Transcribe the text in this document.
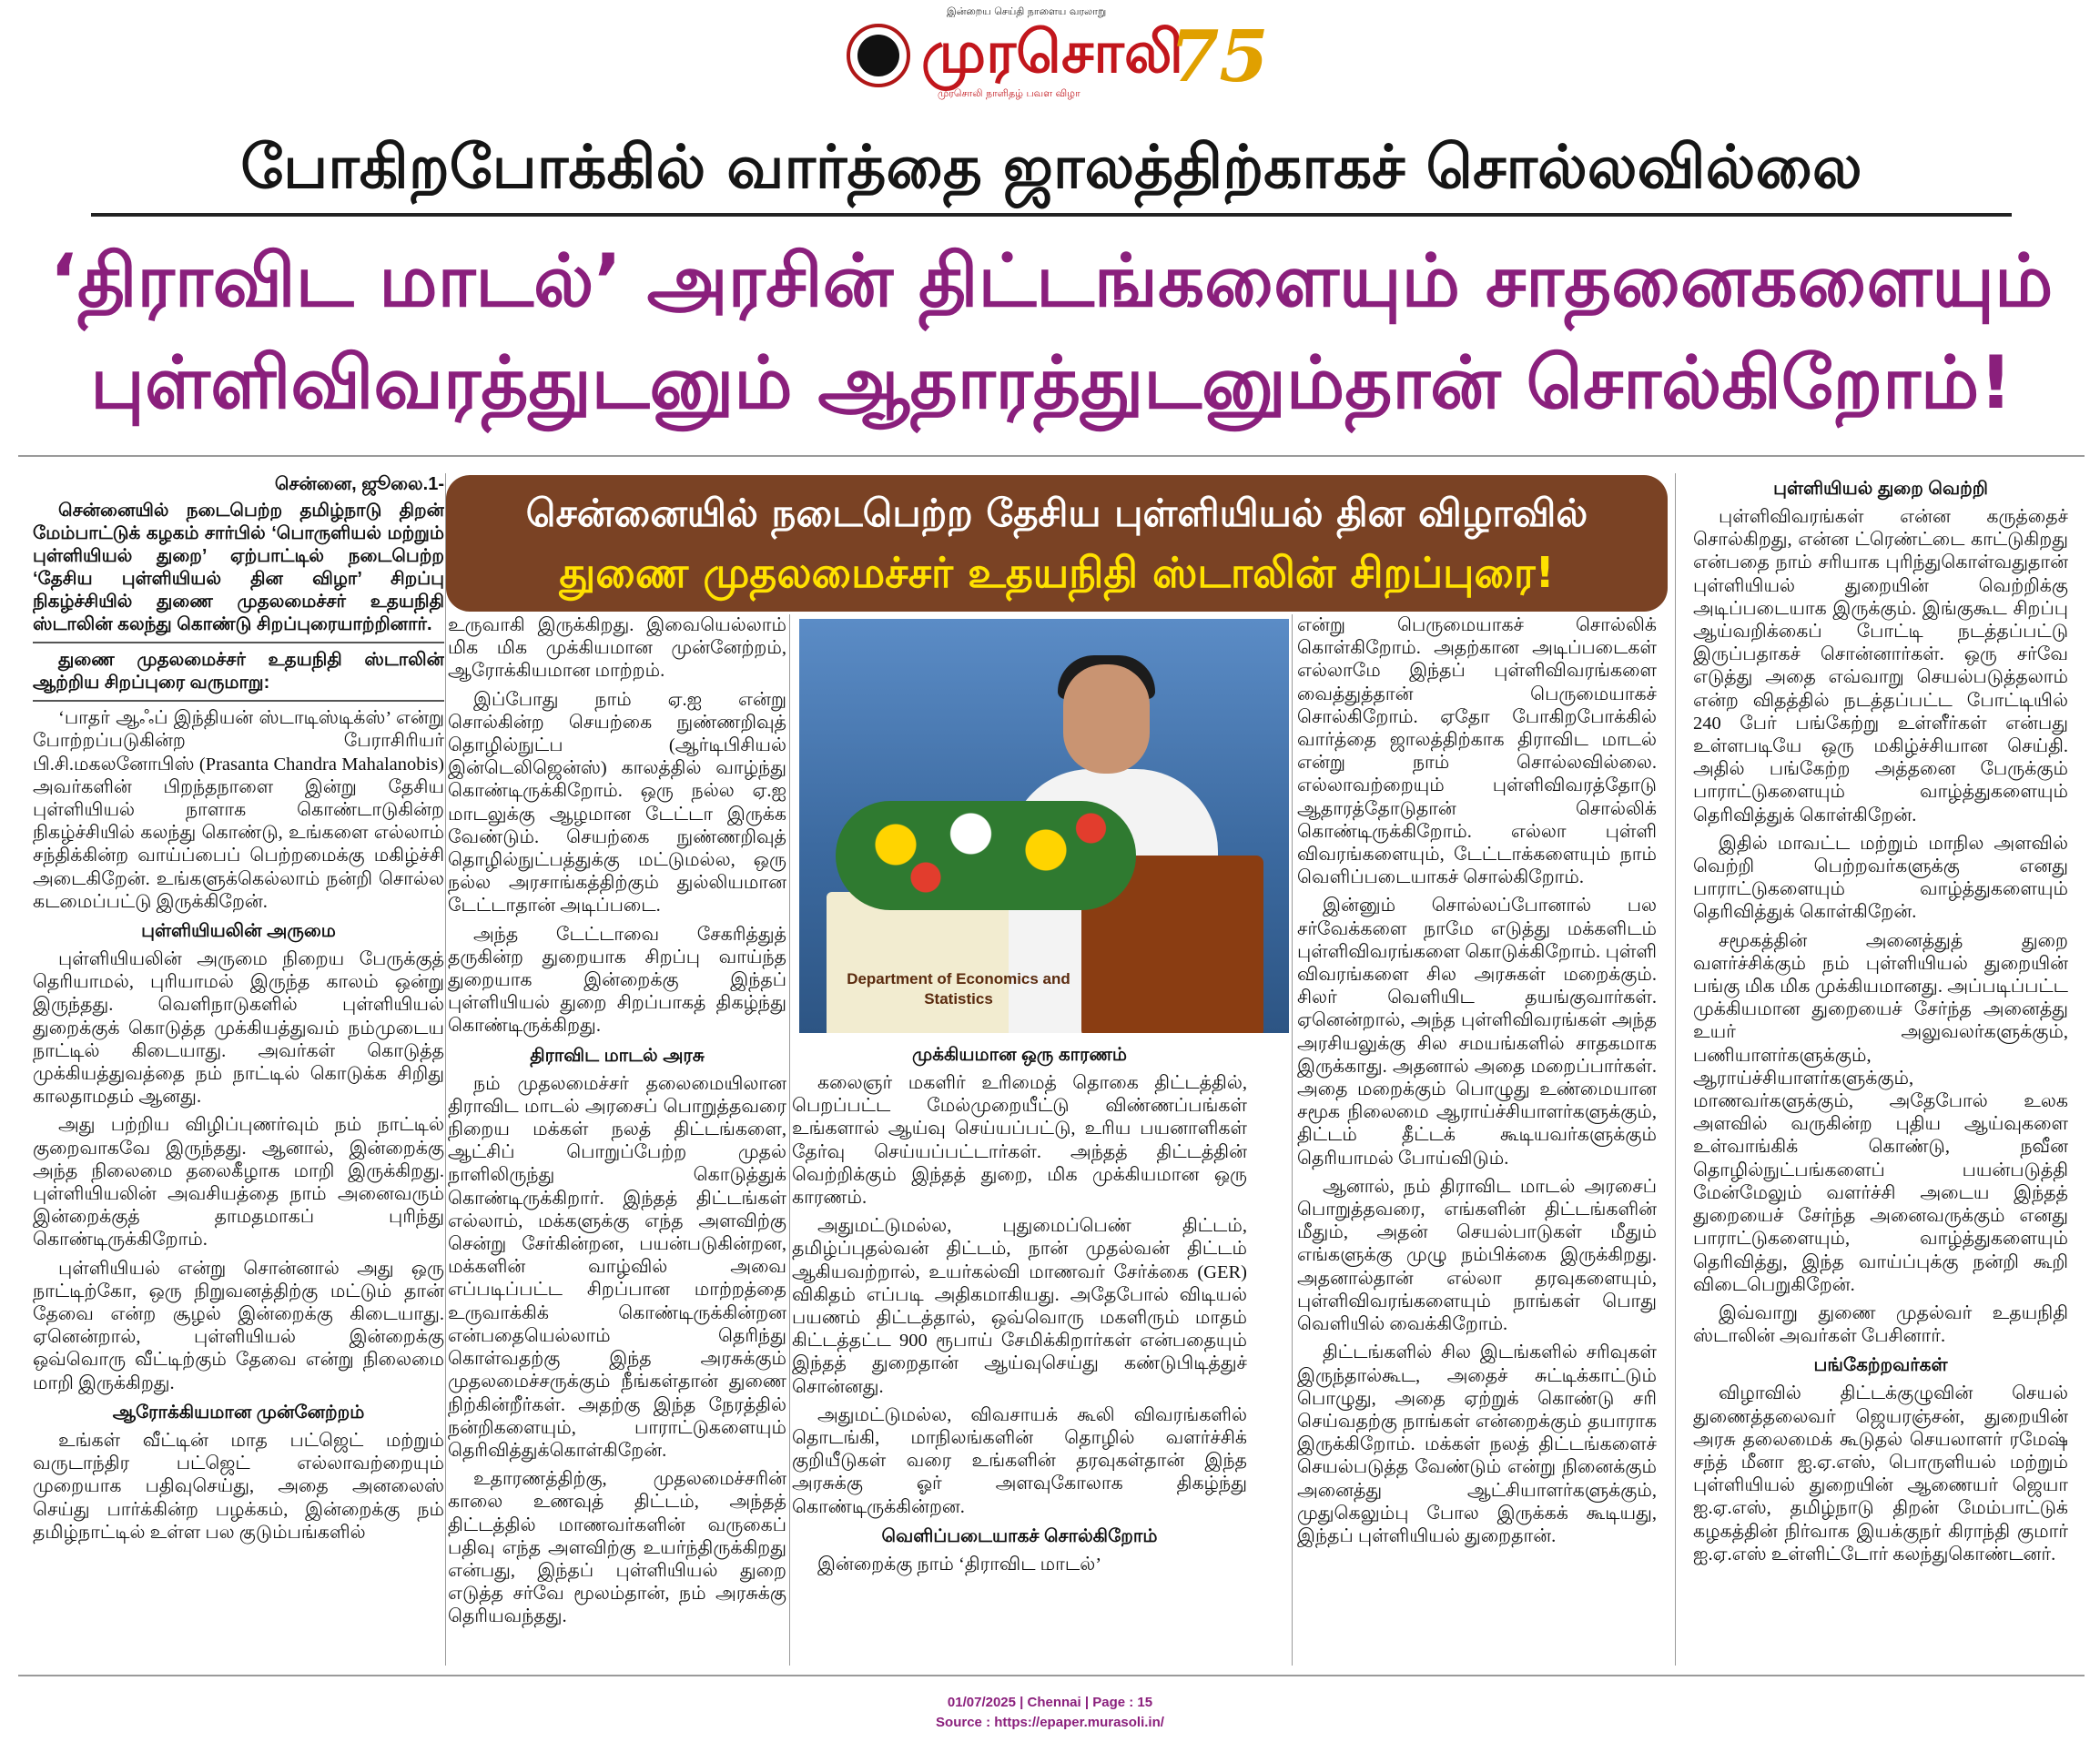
இன்றைய செய்தி நாளைய வரலாறு
முரசொலி
முரசொலி நாளிதழ் பவள விழா 75
போகிறபோக்கில் வார்த்தை ஜாலத்திற்காகச் சொல்லவில்லை
‘திராவிட மாடல்’ அரசின் திட்டங்களையும் சாதனைகளையும்
புள்ளிவிவரத்துடனும் ஆதாரத்துடனும்தான் சொல்கிறோம்!
சென்னையில் நடைபெற்ற தேசிய புள்ளியியல் தின விழாவில்
துணை முதலமைச்சர் உதயநிதி ஸ்டாலின் சிறப்புரை!
சென்னை, ஜூலை.1-

சென்னையில் நடைபெற்ற தமிழ்நாடு திறன் மேம்பாட்டுக் கழகம் சார்பில் ‘பொருளியல் மற்றும் புள்ளியியல் துறை’ ஏற்பாட்டில் நடைபெற்ற ‘தேசிய புள்ளியியல் தின விழா’ சிறப்பு நிகழ்ச்சியில் துணை முதலமைச்சர் உதயநிதி ஸ்டாலின் கலந்து கொண்டு சிறப்புரையாற்றினார்.

துணை முதலமைச்சர் உதயநிதி ஸ்டாலின் ஆற்றிய சிறப்புரை வருமாறு:

‘பாதர் ஆஃப் இந்தியன் ஸ்டாடிஸ்டிக்ஸ்’ என்று போற்றப்படுகின்ற பேராசிரியர் பி.சி.மகலனோபிஸ் (Prasanta Chandra Mahalanobis) அவர்களின் பிறந்தநாளை இன்று தேசிய புள்ளியியல் நாளாக கொண்டாடுகின்ற நிகழ்ச்சியில் கலந்து கொண்டு, உங்களை எல்லாம் சந்திக்கின்ற வாய்ப்பைப் பெற்றமைக்கு மகிழ்ச்சி அடைகிறேன். உங்களுக்கெல்லாம் நன்றி சொல்ல கடமைப்பட்டு இருக்கிறேன்.

புள்ளியியலின் அருமை

புள்ளியியலின் அருமை நிறைய பேருக்குத் தெரியாமல், புரியாமல் இருந்த காலம் ஒன்று இருந்தது. வெளிநாடுகளில் புள்ளியியல் துறைக்குக் கொடுத்த முக்கியத்துவம் நம்முடைய நாட்டில் கிடையாது. அவர்கள் கொடுத்த முக்கியத்துவத்தை நம் நாட்டில் கொடுக்க சிறிது காலதாமதம் ஆனது.

அது பற்றிய விழிப்புணர்வும் நம் நாட்டில் குறைவாகவே இருந்தது. ஆனால், இன்றைக்கு அந்த நிலைமை தலைகீழாக மாறி இருக்கிறது. புள்ளியியலின் அவசியத்தை நாம் அனைவரும் இன்றைக்குத் தாமதமாகப் புரிந்து கொண்டிருக்கிறோம்.

புள்ளியியல் என்று சொன்னால் அது ஒரு நாட்டிற்கோ, ஒரு நிறுவனத்திற்கு மட்டும் தான் தேவை என்ற சூழல் இன்றைக்கு கிடையாது. ஏனென்றால், புள்ளியியல் இன்றைக்கு ஒவ்வொரு வீட்டிற்கும் தேவை என்று நிலைமை மாறி இருக்கிறது.

ஆரோக்கியமான முன்னேற்றம்

உங்கள் வீட்டின் மாத பட்ஜெட் மற்றும் வருடாந்திர பட்ஜெட் எல்லாவற்றையும் முறையாக பதிவுசெய்து, அதை அனலைஸ் செய்து பார்க்கின்ற பழக்கம், இன்றைக்கு நம் தமிழ்நாட்டில் உள்ள பல குடும்பங்களில்

உருவாகி இருக்கிறது. இவையெல்லாம் மிக மிக முக்கியமான முன்னேற்றம், ஆரோக்கியமான மாற்றம்.

இப்போது நாம் ஏ.ஐ என்று சொல்கின்ற செயற்கை நுண்ணறிவுத் தொழில்நுட்ப (ஆர்டிபிசியல் இன்டெலிஜென்ஸ்) காலத்தில் வாழ்ந்து கொண்டிருக்கிறோம். ஒரு நல்ல ஏ.ஐ மாடலுக்கு ஆழமான டேட்டா இருக்க வேண்டும். செயற்கை நுண்ணறிவுத் தொழில்நுட்பத்துக்கு மட்டுமல்ல, ஒரு நல்ல அரசாங்கத்திற்கும் துல்லியமான டேட்டாதான் அடிப்படை.

அந்த டேட்டாவை சேகரித்துத் தருகின்ற துறையாக சிறப்பு வாய்ந்த துறையாக இன்றைக்கு இந்தப் புள்ளியியல் துறை சிறப்பாகத் திகழ்ந்து கொண்டிருக்கிறது.

திராவிட மாடல் அரசு

நம் முதலமைச்சர் தலைமையிலான திராவிட மாடல் அரசைப் பொறுத்தவரை நிறைய மக்கள் நலத் திட்டங்களை, ஆட்சிப் பொறுப்பேற்ற முதல் நாளிலிருந்து கொடுத்துக் கொண்டிருக்கிறார். இந்தத் திட்டங்கள் எல்லாம், மக்களுக்கு எந்த அளவிற்கு சென்று சேர்கின்றன, பயன்படுகின்றன, மக்களின் வாழ்வில் அவை எப்படிப்பட்ட சிறப்பான மாற்றத்தை உருவாக்கிக் கொண்டிருக்கின்றன என்பதையெல்லாம் தெரிந்து கொள்வதற்கு இந்த அரசுக்கும் முதலமைச்சருக்கும் நீங்கள்தான் துணை நிற்கின்றீர்கள். அதற்கு இந்த நேரத்தில் நன்றிகளையும், பாராட்டுகளையும் தெரிவித்துக்கொள்கிறேன்.

உதாரணத்திற்கு, முதலமைச்சரின் காலை உணவுத் திட்டம், அந்தத் திட்டத்தில் மாணவர்களின் வருகைப் பதிவு எந்த அளவிற்கு உயர்ந்திருக்கிறது என்பது, இந்தப் புள்ளியியல் துறை எடுத்த சர்வே மூலம்தான், நம் அரசுக்கு தெரியவந்தது.

Department of Economics and Statistics
முக்கியமான ஒரு காரணம்

கலைஞர் மகளிர் உரிமைத் தொகை திட்டத்தில், பெறப்பட்ட மேல்முறையீட்டு விண்ணப்பங்கள் உங்களால் ஆய்வு செய்யப்பட்டு, உரிய பயனாளிகள் தேர்வு செய்யப்பட்டார்கள். அந்தத் திட்டத்தின் வெற்றிக்கும் இந்தத் துறை, மிக முக்கியமான ஒரு காரணம்.

அதுமட்டுமல்ல, புதுமைப்பெண் திட்டம், தமிழ்ப்புதல்வன் திட்டம், நான் முதல்வன் திட்டம் ஆகியவற்றால், உயர்கல்வி மாணவர் சேர்க்கை (GER) விகிதம் எப்படி அதிகமாகியது. அதேபோல் விடியல் பயணம் திட்டத்தால், ஒவ்வொரு மகளிரும் மாதம் கிட்டத்தட்ட 900 ரூபாய் சேமிக்கிறார்கள் என்பதையும் இந்தத் துறைதான் ஆய்வுசெய்து கண்டுபிடித்துச் சொன்னது.

அதுமட்டுமல்ல, விவசாயக் கூலி விவரங்களில் தொடங்கி, மாநிலங்களின் தொழில் வளர்ச்சிக் குறியீடுகள் வரை உங்களின் தரவுகள்தான் இந்த அரசுக்கு ஓர் அளவுகோலாக திகழ்ந்து கொண்டிருக்கின்றன.

வெளிப்படையாகச் சொல்கிறோம்

இன்றைக்கு நாம் ‘திராவிட மாடல்’

என்று பெருமையாகச் சொல்லிக் கொள்கிறோம். அதற்கான அடிப்படைகள் எல்லாமே இந்தப் புள்ளிவிவரங்களை வைத்துத்தான் பெருமையாகச் சொல்கிறோம். ஏதோ போகிறபோக்கில் வார்த்தை ஜாலத்திற்காக திராவிட மாடல் என்று நாம் சொல்லவில்லை. எல்லாவற்றையும் புள்ளிவிவரத்தோடு ஆதாரத்தோடுதான் சொல்லிக் கொண்டிருக்கிறோம். எல்லா புள்ளி விவரங்களையும், டேட்டாக்களையும் நாம் வெளிப்படையாகச் சொல்கிறோம்.

இன்னும் சொல்லப்போனால் பல சர்வேக்களை நாமே எடுத்து மக்களிடம் புள்ளிவிவரங்களை கொடுக்கிறோம். புள்ளி விவரங்களை சில அரசுகள் மறைக்கும். சிலர் வெளியிட தயங்குவார்கள். ஏனென்றால், அந்த புள்ளிவிவரங்கள் அந்த அரசியலுக்கு சில சமயங்களில் சாதகமாக இருக்காது. அதனால் அதை மறைப்பார்கள். அதை மறைக்கும் பொழுது உண்மையான சமூக நிலைமை ஆராய்ச்சியாளர்களுக்கும், திட்டம் தீட்டக் கூடியவர்களுக்கும் தெரியாமல் போய்விடும்.

ஆனால், நம் திராவிட மாடல் அரசைப் பொறுத்தவரை, எங்களின் திட்டங்களின் மீதும், அதன் செயல்பாடுகள் மீதும் எங்களுக்கு முழு நம்பிக்கை இருக்கிறது. அதனால்தான் எல்லா தரவுகளையும், புள்ளிவிவரங்களையும் நாங்கள் பொது வெளியில் வைக்கிறோம்.

திட்டங்களில் சில இடங்களில் சரிவுகள் இருந்தால்கூட, அதைச் சுட்டிக்காட்டும் பொழுது, அதை ஏற்றுக் கொண்டு சரி செய்வதற்கு நாங்கள் என்றைக்கும் தயாராக இருக்கிறோம். மக்கள் நலத் திட்டங்களைச் செயல்படுத்த வேண்டும் என்று நினைக்கும் அனைத்து ஆட்சியாளர்களுக்கும், முதுகெலும்பு போல இருக்கக் கூடியது, இந்தப் புள்ளியியல் துறைதான்.

புள்ளியியல் துறை வெற்றி

புள்ளிவிவரங்கள் என்ன கருத்தைச் சொல்கிறது, என்ன ட்ரெண்ட்டை காட்டுகிறது என்பதை நாம் சரியாக புரிந்துகொள்வதுதான் புள்ளியியல் துறையின் வெற்றிக்கு அடிப்படையாக இருக்கும். இங்குகூட சிறப்பு ஆய்வறிக்கைப் போட்டி நடத்தப்பட்டு இருப்பதாகச் சொன்னார்கள். ஒரு சர்வே எடுத்து அதை எவ்வாறு செயல்படுத்தலாம் என்ற விதத்தில் நடத்தப்பட்ட போட்டியில் 240 பேர் பங்கேற்று உள்ளீர்கள் என்பது உள்ளபடியே ஒரு மகிழ்ச்சியான செய்தி. அதில் பங்கேற்ற அத்தனை பேருக்கும் பாராட்டுகளையும் வாழ்த்துகளையும் தெரிவித்துக் கொள்கிறேன்.

இதில் மாவட்ட மற்றும் மாநில அளவில் வெற்றி பெற்றவர்களுக்கு எனது பாராட்டுகளையும் வாழ்த்துகளையும் தெரிவித்துக் கொள்கிறேன்.

சமூகத்தின் அனைத்துத் துறை வளர்ச்சிக்கும் நம் புள்ளியியல் துறையின் பங்கு மிக மிக முக்கியமானது. அப்படிப்பட்ட முக்கியமான துறையைச் சேர்ந்த அனைத்து உயர் அலுவலர்களுக்கும், பணியாளர்களுக்கும், ஆராய்ச்சியாளர்களுக்கும், மாணவர்களுக்கும், அதேபோல் உலக அளவில் வருகின்ற புதிய ஆய்வுகளை உள்வாங்கிக் கொண்டு, நவீன தொழில்நுட்பங்களைப் பயன்படுத்தி மேன்மேலும் வளர்ச்சி அடைய இந்தத் துறையைச் சேர்ந்த அனைவருக்கும் எனது பாராட்டுகளையும், வாழ்த்துகளையும் தெரிவித்து, இந்த வாய்ப்புக்கு நன்றி கூறி விடைபெறுகிறேன்.

இவ்வாறு துணை முதல்வர் உதயநிதி ஸ்டாலின் அவர்கள் பேசினார்.

பங்கேற்றவர்கள்

விழாவில் திட்டக்குழுவின் செயல் துணைத்தலைவர் ஜெயரஞ்சன், துறையின் அரசு தலைமைக் கூடுதல் செயலாளர் ரமேஷ் சந்த் மீனா ஐ.ஏ.எஸ், பொருளியல் மற்றும் புள்ளியியல் துறையின் ஆணையர் ஜெயா ஐ.ஏ.எஸ், தமிழ்நாடு திறன் மேம்பாட்டுக் கழகத்தின் நிர்வாக இயக்குநர் கிராந்தி குமார் ஐ.ஏ.எஸ் உள்ளிட்டோர் கலந்துகொண்டனர்.

01/07/2025 | Chennai | Page : 15
Source : https://epaper.murasoli.in/
